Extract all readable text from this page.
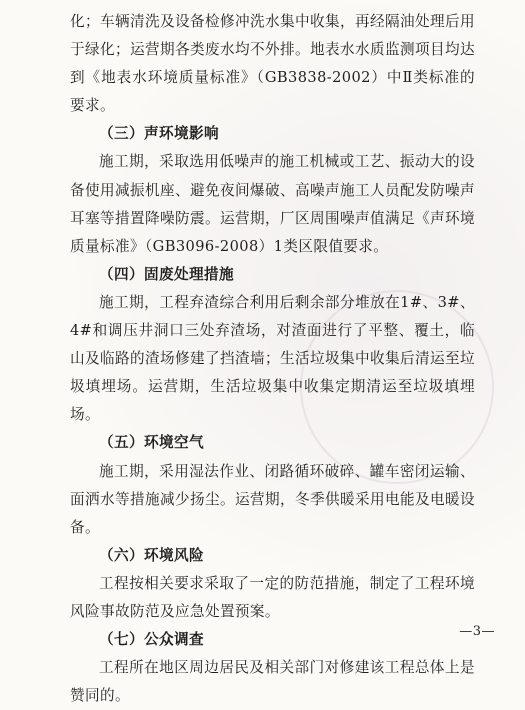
化；车辆清洗及设备检修冲洗水集中收集，再经隔油处理后用于绿化；运营期各类废水均不外排。地表水水质监测项目均达到《地表水环境质量标准》（GB3838-2002）中Ⅱ类标准的要求。

（三）声环境影响

施工期，采取选用低噪声的施工机械或工艺、振动大的设备使用减振机座、避免夜间爆破、高噪声施工人员配发防噪声耳塞等措置降噪防震。运营期，厂区周围噪声值满足《声环境质量标准》（GB3096-2008）1类区限值要求。

（四）固废处理措施

施工期，工程弃渣综合利用后剩余部分堆放在1#、3#、4#和调压井洞口三处弃渣场，对渣面进行了平整、覆土，临山及临路的渣场修建了挡渣墙；生活垃圾集中收集后清运至垃圾填埋场。运营期，生活垃圾集中收集定期清运至垃圾填埋场。

（五）环境空气

施工期，采用湿法作业、闭路循环破碎、罐车密闭运输、面洒水等措施减少扬尘。运营期，冬季供暖采用电能及电暖设备。

（六）环境风险

工程按相关要求采取了一定的防范措施，制定了工程环境风险事故防范及应急处置预案。

（七）公众调查

工程所在地区周边居民及相关部门对修建该工程总体上是赞同的。

—3—
